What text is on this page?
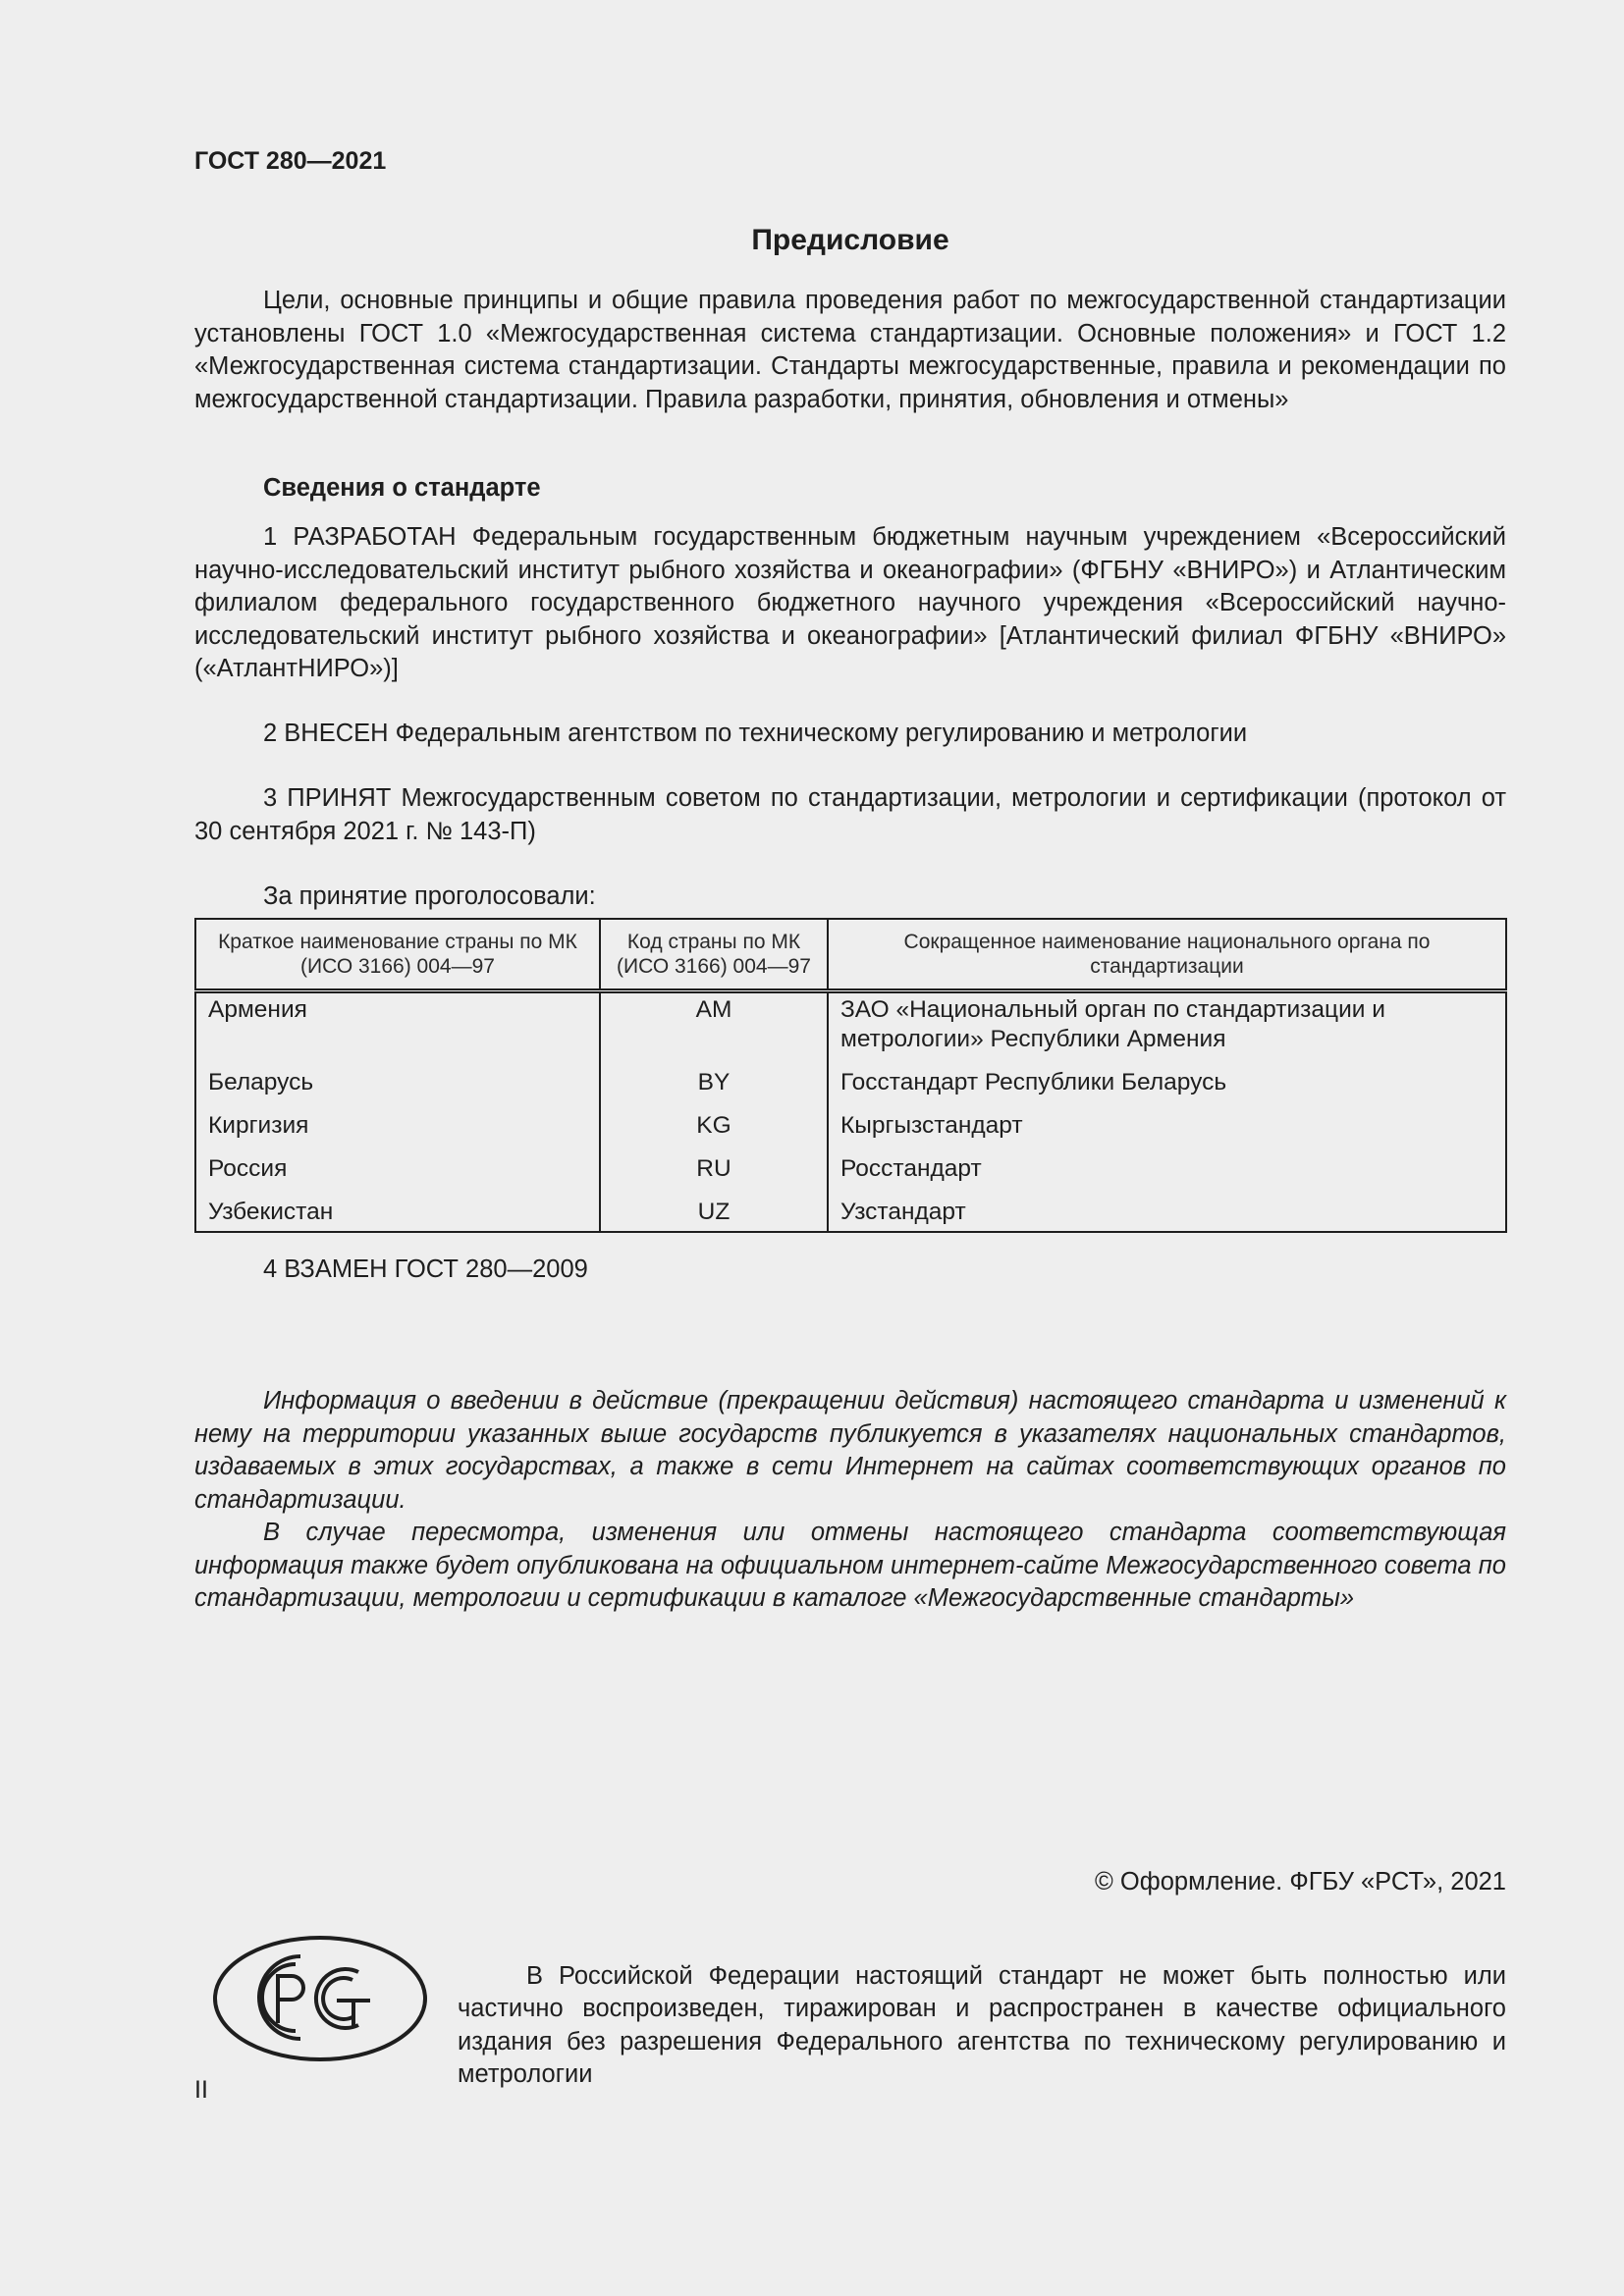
ГОСТ 280—2021
Предисловие

Цели, основные принципы и общие правила проведения работ по межгосударственной стандартизации установлены ГОСТ 1.0 «Межгосударственная система стандартизации. Основные положения» и ГОСТ 1.2 «Межгосударственная система стандартизации. Стандарты межгосударственные, правила и рекомендации по межгосударственной стандартизации. Правила разработки, принятия, обновления и отмены»

Сведения о стандарте

1 РАЗРАБОТАН Федеральным государственным бюджетным научным учреждением «Всероссийский научно-исследовательский институт рыбного хозяйства и океанографии» (ФГБНУ «ВНИРО») и Атлантическим филиалом федерального государственного бюджетного научного учреждения «Всероссийский научно-исследовательский институт рыбного хозяйства и океанографии» [Атлантический филиал ФГБНУ «ВНИРО» («АтлантНИРО»)]

2 ВНЕСЕН Федеральным агентством по техническому регулированию и метрологии

3 ПРИНЯТ Межгосударственным советом по стандартизации, метрологии и сертификации (протокол от 30 сентября 2021 г. № 143-П)

За принятие проголосовали:
Краткое наименование страны по МК (ИСО 3166) 004—97	Код страны по МК (ИСО 3166) 004—97	Сокращенное наименование национального органа по стандартизации
Армения	AM	ЗАО «Национальный орган по стандартизации и метрологии» Республики Армения
Беларусь	BY	Госстандарт Республики Беларусь
Киргизия	KG	Кыргызстандарт
Россия	RU	Росстандарт
Узбекистан	UZ	Узстандарт
4 ВЗАМЕН ГОСТ 280—2009

Информация о введении в действие (прекращении действия) настоящего стандарта и изменений к нему на территории указанных выше государств публикуется в указателях национальных стандартов, издаваемых в этих государствах, а также в сети Интернет на сайтах соответствующих органов по стандартизации.

В случае пересмотра, изменения или отмены настоящего стандарта соответствующая информация также будет опубликована на официальном интернет-сайте Межгосударственного совета по стандартизации, метрологии и сертификации в каталоге «Межгосударственные стандарты»

© Оформление. ФГБУ «РСТ», 2021

В Российской Федерации настоящий стандарт не может быть полностью или частично воспроизведен, тиражирован и распространен в качестве официального издания без разрешения Федерального агентства по техническому регулированию и метрологии

II
